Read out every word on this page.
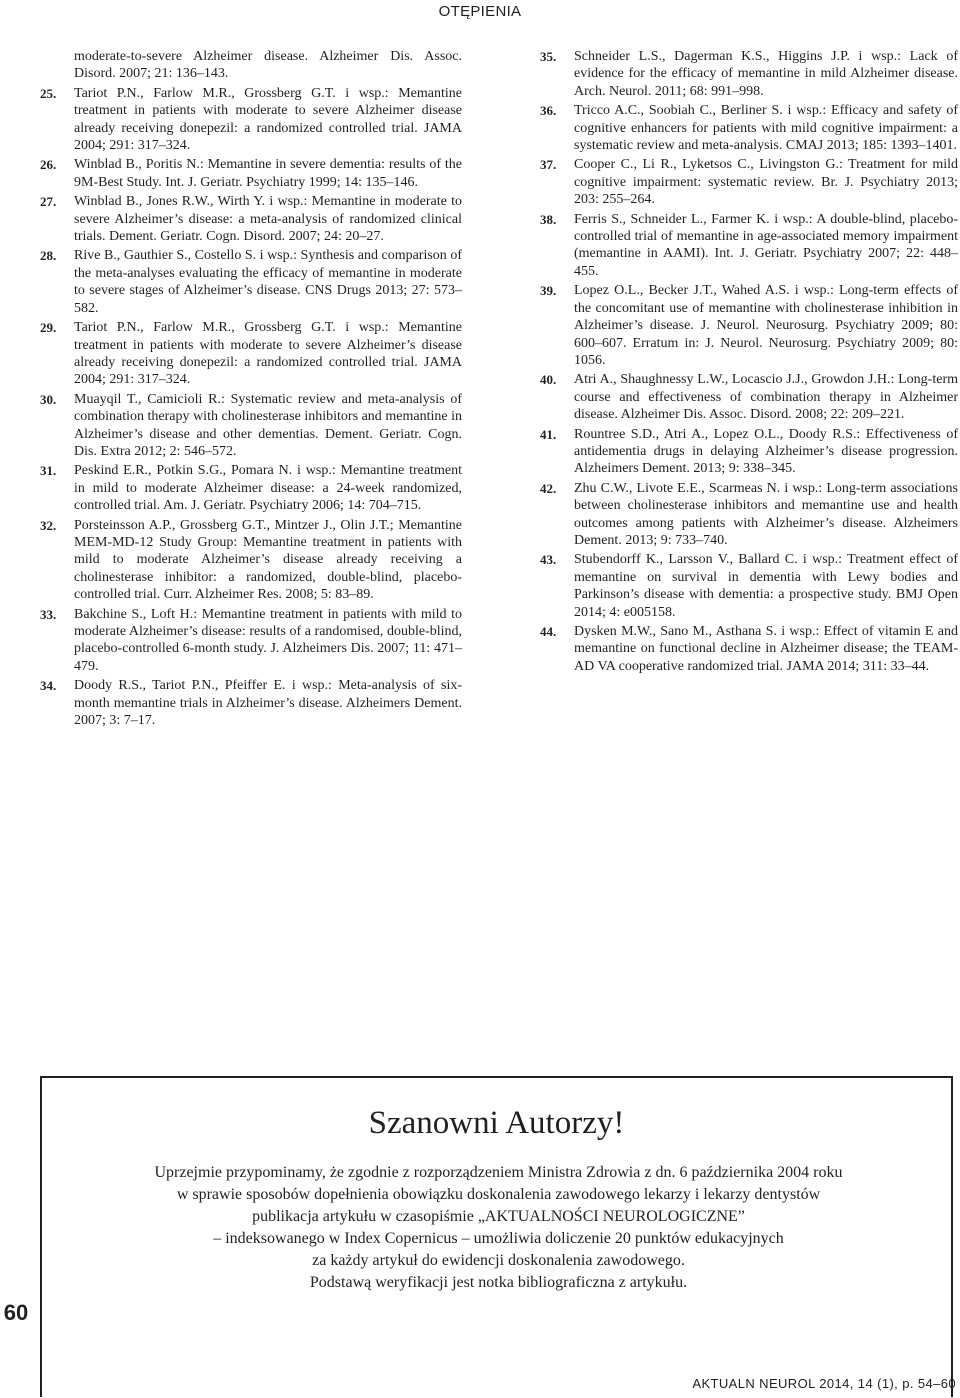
OTĘPIENIA
moderate-to-severe Alzheimer disease. Alzheimer Dis. Assoc. Disord. 2007; 21: 136–143.
25. Tariot P.N., Farlow M.R., Grossberg G.T. i wsp.: Memantine treatment in patients with moderate to severe Alzheimer disease already receiving donepezil: a randomized controlled trial. JAMA 2004; 291: 317–324.
26. Winblad B., Poritis N.: Memantine in severe dementia: results of the 9M-Best Study. Int. J. Geriatr. Psychiatry 1999; 14: 135–146.
27. Winblad B., Jones R.W., Wirth Y. i wsp.: Memantine in moderate to severe Alzheimer’s disease: a meta-analysis of randomized clinical trials. Dement. Geriatr. Cogn. Disord. 2007; 24: 20–27.
28. Rive B., Gauthier S., Costello S. i wsp.: Synthesis and comparison of the meta-analyses evaluating the efficacy of memantine in moderate to severe stages of Alzheimer’s disease. CNS Drugs 2013; 27: 573–582.
29. Tariot P.N., Farlow M.R., Grossberg G.T. i wsp.: Memantine treatment in patients with moderate to severe Alzheimer’s disease already receiving donepezil: a randomized controlled trial. JAMA 2004; 291: 317–324.
30. Muayqil T., Camicioli R.: Systematic review and meta-analysis of combination therapy with cholinesterase inhibitors and memantine in Alzheimer’s disease and other dementias. Dement. Geriatr. Cogn. Dis. Extra 2012; 2: 546–572.
31. Peskind E.R., Potkin S.G., Pomara N. i wsp.: Memantine treatment in mild to moderate Alzheimer disease: a 24-week randomized, controlled trial. Am. J. Geriatr. Psychiatry 2006; 14: 704–715.
32. Porsteinsson A.P., Grossberg G.T., Mintzer J., Olin J.T.; Memantine MEM-MD-12 Study Group: Memantine treatment in patients with mild to moderate Alzheimer’s disease already receiving a cholinesterase inhibitor: a randomized, double-blind, placebo- controlled trial. Curr. Alzheimer Res. 2008; 5: 83–89.
33. Bakchine S., Loft H.: Memantine treatment in patients with mild to moderate Alzheimer’s disease: results of a randomised, double-blind, placebo-controlled 6-month study. J. Alzheimers Dis. 2007; 11: 471–479.
34. Doody R.S., Tariot P.N., Pfeiffer E. i wsp.: Meta-analysis of six-month memantine trials in Alzheimer’s disease. Alzheimers Dement. 2007; 3: 7–17.
35. Schneider L.S., Dagerman K.S., Higgins J.P. i wsp.: Lack of evidence for the efficacy of memantine in mild Alzheimer disease. Arch. Neurol. 2011; 68: 991–998.
36. Tricco A.C., Soobiah C., Berliner S. i wsp.: Efficacy and safety of cognitive enhancers for patients with mild cognitive impairment: a systematic review and meta-analysis. CMAJ 2013; 185: 1393–1401.
37. Cooper C., Li R., Lyketsos C., Livingston G.: Treatment for mild cognitive impairment: systematic review. Br. J. Psychiatry 2013; 203: 255–264.
38. Ferris S., Schneider L., Farmer K. i wsp.: A double-blind, placebo-controlled trial of memantine in age-associated memory impairment (memantine in AAMI). Int. J. Geriatr. Psychiatry 2007; 22: 448–455.
39. Lopez O.L., Becker J.T., Wahed A.S. i wsp.: Long-term effects of the concomitant use of memantine with cholinesterase inhibition in Alzheimer’s disease. J. Neurol. Neurosurg. Psychiatry 2009; 80: 600–607. Erratum in: J. Neurol. Neurosurg. Psychiatry 2009; 80: 1056.
40. Atri A., Shaughnessy L.W., Locascio J.J., Growdon J.H.: Long-term course and effectiveness of combination therapy in Alzheimer disease. Alzheimer Dis. Assoc. Disord. 2008; 22: 209–221.
41. Rountree S.D., Atri A., Lopez O.L., Doody R.S.: Effectiveness of antidementia drugs in delaying Alzheimer’s disease progression. Alzheimers Dement. 2013; 9: 338–345.
42. Zhu C.W., Livote E.E., Scarmeas N. i wsp.: Long-term associations between cholinesterase inhibitors and memantine use and health outcomes among patients with Alzheimer’s disease. Alzheimers Dement. 2013; 9: 733–740.
43. Stubendorff K., Larsson V., Ballard C. i wsp.: Treatment effect of memantine on survival in dementia with Lewy bodies and Parkinson’s disease with dementia: a prospective study. BMJ Open 2014; 4: e005158.
44. Dysken M.W., Sano M., Asthana S. i wsp.: Effect of vitamin E and memantine on functional decline in Alzheimer disease; the TEAM-AD VA cooperative randomized trial. JAMA 2014; 311: 33–44.
Szanowni Autorzy!
Uprzejmie przypominamy, że zgodnie z rozporządzeniem Ministra Zdrowia z dn. 6 października 2004 roku
w sprawie sposobów dopełnienia obowiązku doskonalenia zawodowego lekarzy i lekarzy dentystów
publikacja artykułu w czasopiśmie „AKTUALNOŚCI NEUROLOGICZNE”
– indeksowanego w Index Copernicus – umożliwia doliczenie 20 punktów edukacyjnych
za każdy artykuł do ewidencji doskonalenia zawodowego.
Podstawą weryfikacji jest notka bibliograficzna z artykułu.
60
AKTUALN NEUROL 2014, 14 (1), p. 54–60
